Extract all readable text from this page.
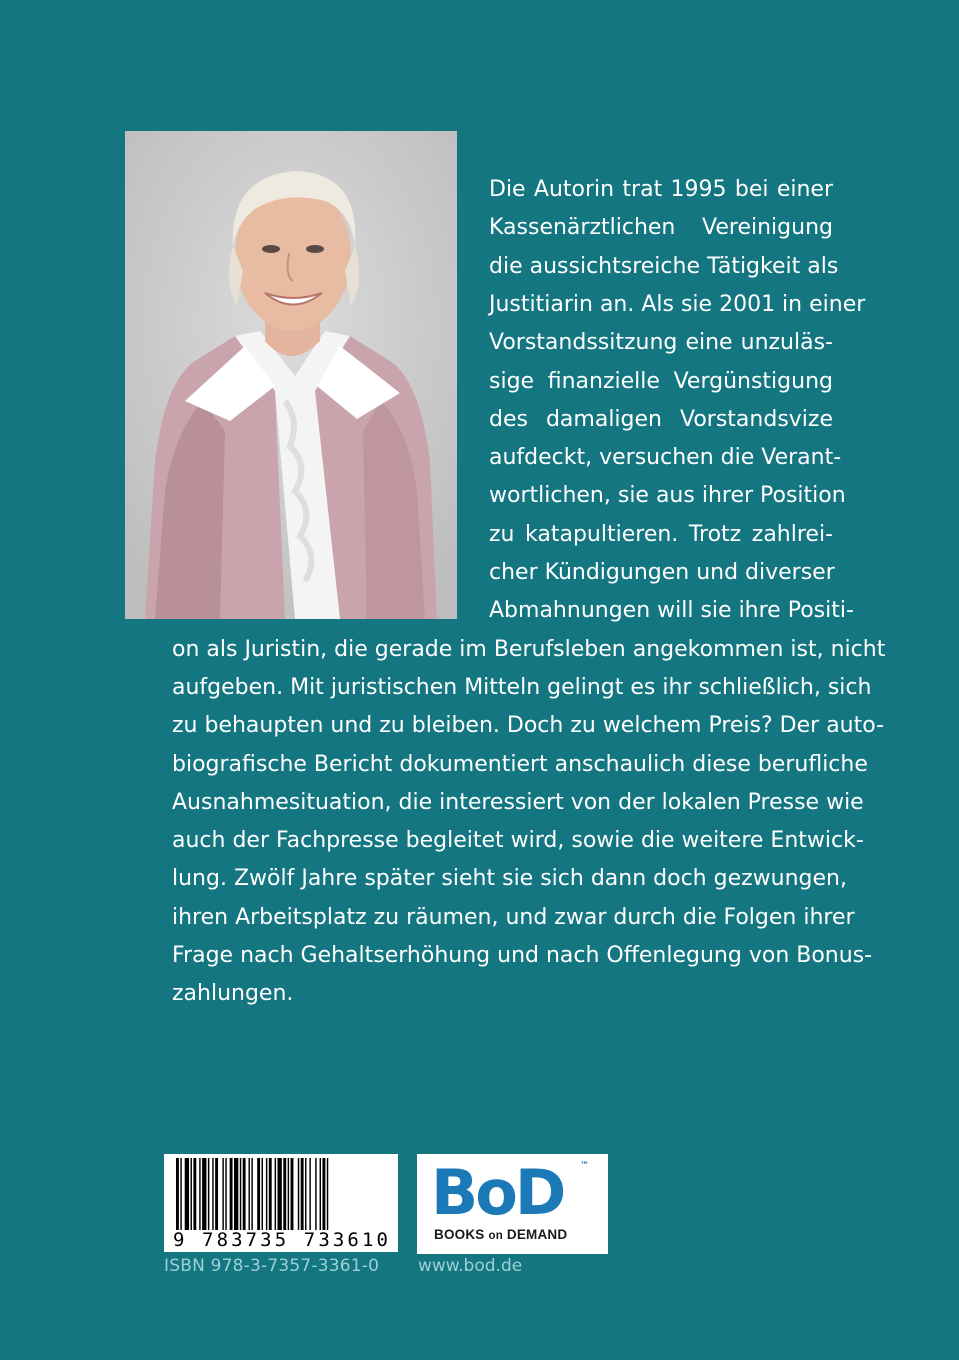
Die Autorin trat 1995 bei einer
Kassenärztlichen Vereinigung
die aussichtsreiche Tätigkeit als
Justitiarin an. Als sie 2001 in einer
Vorstandssitzung eine unzuläs-
sige finanzielle Vergünstigung
des damaligen Vorstandsvize
aufdeckt, versuchen die Verant-
wortlichen, sie aus ihrer Position
zu katapultieren. Trotz zahlrei-
cher Kündigungen und diverser
Abmahnungen will sie ihre Positi-
on als Juristin, die gerade im Berufsleben angekommen ist, nicht
aufgeben. Mit juristischen Mitteln gelingt es ihr schließlich, sich
zu behaupten und zu bleiben. Doch zu welchem Preis? Der auto-
biografische Bericht dokumentiert anschaulich diese berufliche
Ausnahmesituation, die interessiert von der lokalen Presse wie
auch der Fachpresse begleitet wird, sowie die weitere Entwick-
lung. Zwölf Jahre später sieht sie sich dann doch gezwungen,
ihren Arbeitsplatz zu räumen, und zwar durch die Folgen ihrer
Frage nach Gehaltserhöhung und nach Offenlegung von Bonus-
zahlungen.
9 783735 733610
ISBN 978-3-7357-3361-0
BoD ™
BOOKS on DEMAND
www.bod.de
